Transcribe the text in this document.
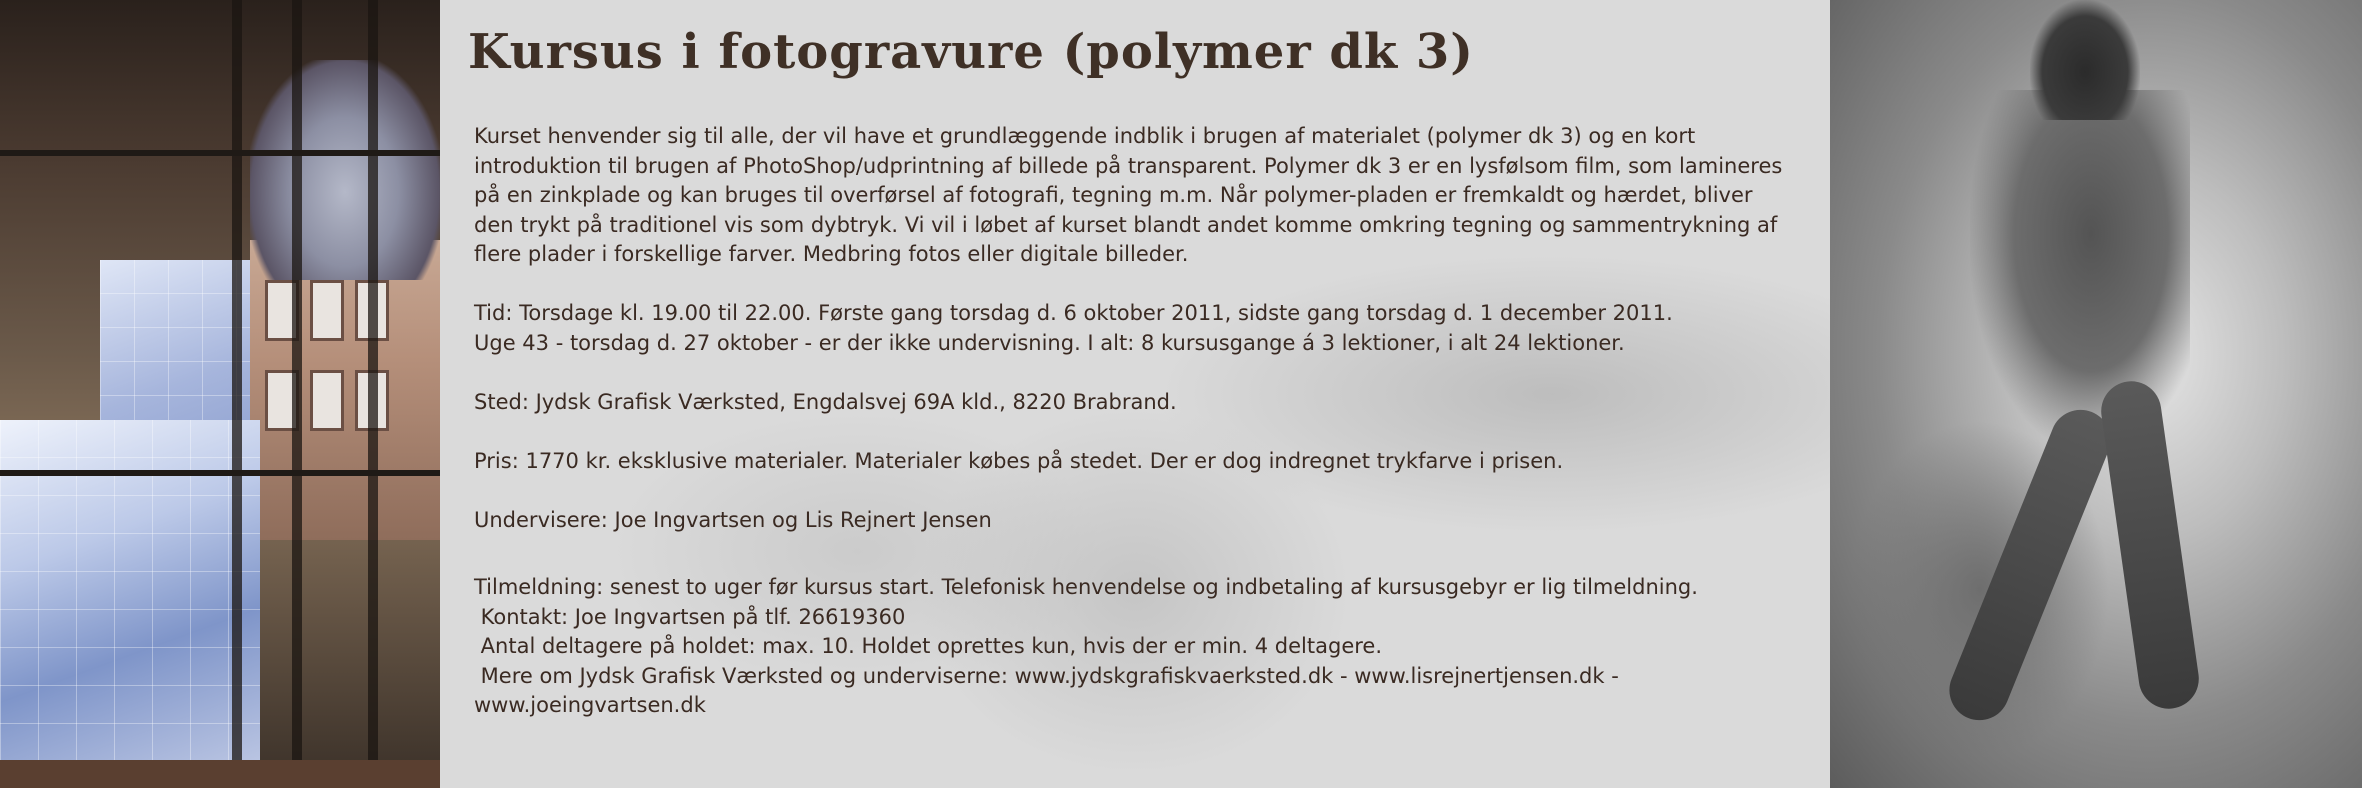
Kursus i fotogravure (polymer dk 3)

Kurset henvender sig til alle, der vil have et grundlæggende indblik i brugen af materialet (polymer dk 3) og en kort

introduktion til brugen af PhotoShop/udprintning af billede på transparent. Polymer dk 3 er en lysfølsom film, som lamineres

på en zinkplade og kan bruges til overførsel af fotografi, tegning m.m. Når polymer-pladen er fremkaldt og hærdet, bliver

den trykt på traditionel vis som dybtryk. Vi vil i løbet af kurset blandt andet komme omkring tegning og sammentrykning af

flere plader i forskellige farver. Medbring fotos eller digitale billeder.

Tid: Torsdage kl. 19.00 til 22.00. Første gang torsdag d. 6 oktober 2011, sidste gang torsdag d. 1 december 2011.

Uge 43 - torsdag d. 27 oktober - er der ikke undervisning. I alt: 8 kursusgange á 3 lektioner, i alt 24 lektioner.

Sted: Jydsk Grafisk Værksted, Engdalsvej 69A kld., 8220 Brabrand.

Pris: 1770 kr. eksklusive materialer. Materialer købes på stedet. Der er dog indregnet trykfarve i prisen.

Undervisere: Joe Ingvartsen og Lis Rejnert Jensen

Tilmeldning: senest to uger før kursus start. Telefonisk henvendelse og indbetaling af kursusgebyr er lig tilmeldning.

Kontakt: Joe Ingvartsen på tlf. 26619360

Antal deltagere på holdet: max. 10. Holdet oprettes kun, hvis der er min. 4 deltagere.

Mere om Jydsk Grafisk Værksted og underviserne: www.jydskgrafiskvaerksted.dk - www.lisrejnertjensen.dk -

www.joeingvartsen.dk
